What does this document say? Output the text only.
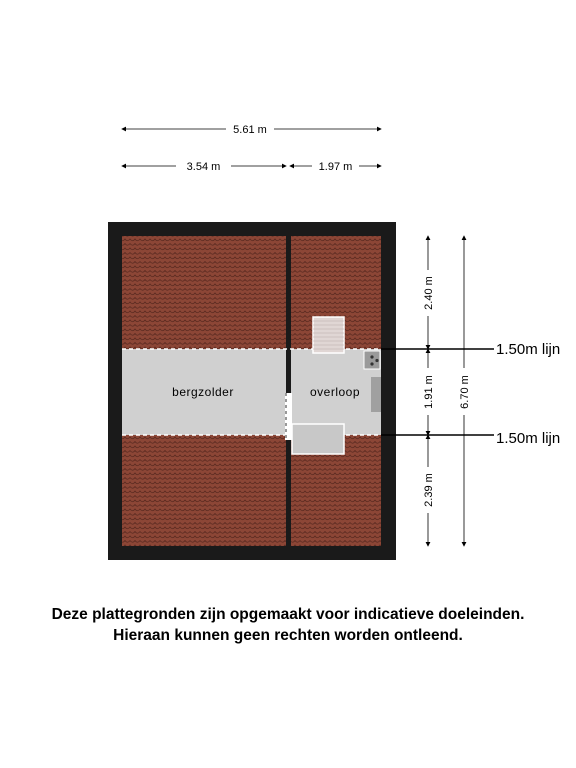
5.61 m
3.54 m	1.97 m
bergzolder	overloop
2.40 m
1.91 m
2.39 m
6.70 m
1.50m lijn
1.50m lijn
Deze plattegronden zijn opgemaakt voor indicatieve doeleinden.
Hieraan kunnen geen rechten worden ontleend.
